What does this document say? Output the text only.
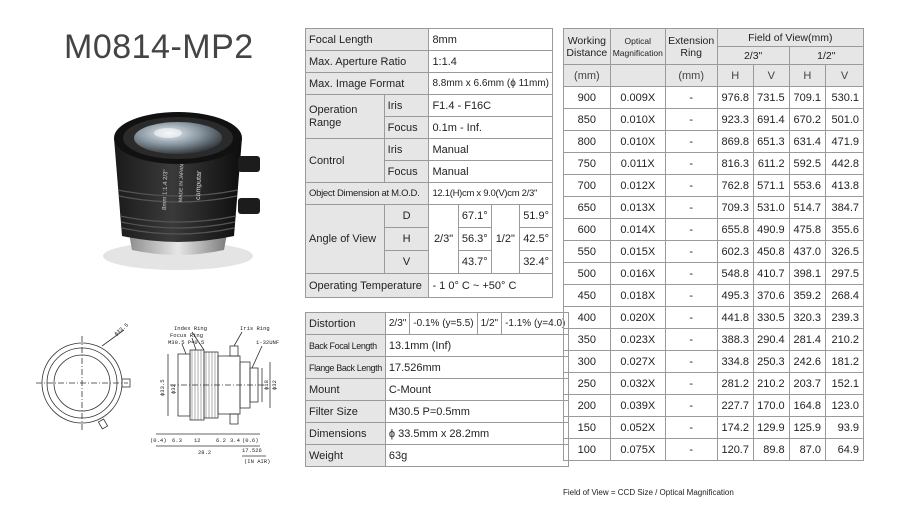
M0814-MP2
computar
MADE IN JAPAN
8mm 1:1.4 2/3"
Index Ring
Focus Ring
M30.5 P=0.5
Iris Ring
1-32UNF
ϕ33.5
ϕ33.5 ϕ32	ϕ18 ϕ32
(0.4) 6.3 12	6.2 3.4 (0.6)
17.526
28.2
(IN AIR)
Focal Length		8mm			
Max. Aperture Ratio		1:1.4			
Max. Image Format		8.8mm x 6.6mm (ϕ 11mm)			
Operation Range	Iris	F1.4 - F16C			
	Focus	0.1m - Inf.			
Control	Iris	Manual			
	Focus	Manual			
Object Dimension at M.O.D.		12.1(H)cm x 9.0(V)cm 2/3"			
Angle of View	D	2/3"	67.1°	1/2"	51.9°
	H		56.3°		42.5°
	V		43.7°		32.4°
Operating Temperature		- 1 0° C ~ +50° C			
Distortion	2/3"	-0.1% (y=5.5)	1/2"	-1.1% (y=4.0)
Back Focal Length	13.1mm (Inf)			
Flange Back Length	17.526mm			
Mount	C-Mount			
Filter Size	M30.5 P=0.5mm			
Dimensions	ϕ 33.5mm x 28.2mm			
Weight	63g			
Working Distance	Optical Magnification	Extension Ring	Field of View(mm)			
			2/3"		1/2"	
(mm)		(mm)	H	V	H	V
900	0.009X	-	976.8	731.5	709.1	530.1
850	0.010X	-	923.3	691.4	670.2	501.0
800	0.010X	-	869.8	651.3	631.4	471.9
750	0.011X	-	816.3	611.2	592.5	442.8
700	0.012X	-	762.8	571.1	553.6	413.8
650	0.013X	-	709.3	531.0	514.7	384.7
600	0.014X	-	655.8	490.9	475.8	355.6
550	0.015X	-	602.3	450.8	437.0	326.5
500	0.016X	-	548.8	410.7	398.1	297.5
450	0.018X	-	495.3	370.6	359.2	268.4
400	0.020X	-	441.8	330.5	320.3	239.3
350	0.023X	-	388.3	290.4	281.4	210.2
300	0.027X	-	334.8	250.3	242.6	181.2
250	0.032X	-	281.2	210.2	203.7	152.1
200	0.039X	-	227.7	170.0	164.8	123.0
150	0.052X	-	174.2	129.9	125.9	93.9
100	0.075X	-	120.7	89.8	87.0	64.9
Field of View = CCD Size / Optical Magnification
